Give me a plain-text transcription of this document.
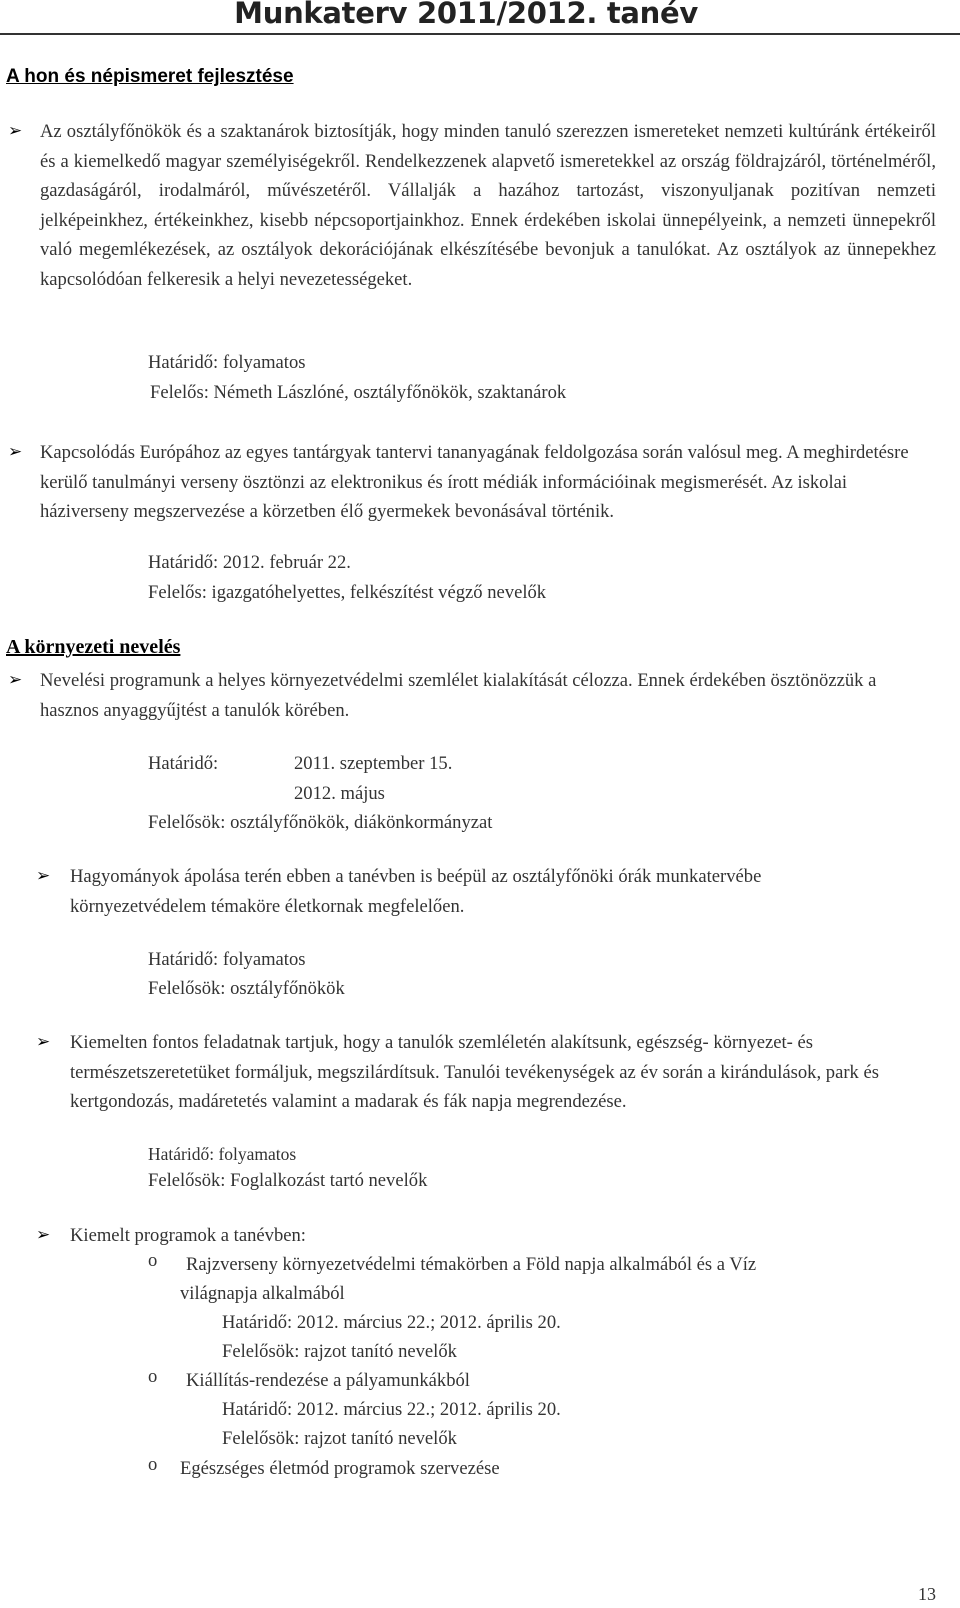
Munkaterv 2011/2012. tanév
A hon és népismeret fejlesztése
➢ Az osztályfőnökök és a szaktanárok biztosítják, hogy minden tanuló szerezzen ismereteket nemzeti kultúránk értékeiről és a kiemelkedő magyar személyiségekről. Rendelkezzenek alapvető ismeretekkel az ország földrajzáról, történelméről, gazdaságáról, irodalmáról, művészetéről. Vállalják a hazához tartozást, viszonyuljanak pozitívan nemzeti jelképeinkhez, értékeinkhez, kisebb népcsoportjainkhoz. Ennek érdekében iskolai ünnepélyeink, a nemzeti ünnepekről való megemlékezések, az osztályok dekorációjának elkészítésébe bevonjuk a tanulókat. Az osztályok az ünnepekhez kapcsolódóan felkeresik a helyi nevezetességeket.

Határidő: folyamatos

Felelős: Németh Lászlóné, osztályfőnökök, szaktanárok

➢ Kapcsolódás Európához az egyes tantárgyak tantervi tananyagának feldolgozása során valósul meg. A meghirdetésre kerülő tanulmányi verseny ösztönzi az elektronikus és írott médiák információinak megismerését. Az iskolai háziverseny megszervezése a körzetben élő gyermekek bevonásával történik.

Határidő: 2012. február 22.

Felelős: igazgatóhelyettes, felkészítést végző nevelők

A környezeti nevelés
➢ Nevelési programunk a helyes környezetvédelmi szemlélet kialakítását célozza. Ennek érdekében ösztönözzük a hasznos anyaggyűjtést a tanulók körében.

Határidő:	2011. szeptember 15.

2012. május

Felelősök: osztályfőnökök, diákönkormányzat

➢ Hagyományok ápolása terén ebben a tanévben is beépül az osztályfőnöki órák munkatervébe környezetvédelem témaköre életkornak megfelelően.

Határidő: folyamatos

Felelősök: osztályfőnökök

➢ Kiemelten fontos feladatnak tartjuk, hogy a tanulók szemléletén alakítsunk, egészség- környezet- és természetszeretetüket formáljuk, megszilárdítsuk. Tanulói tevékenységek az év során a kirándulások, park és kertgondozás, madáretetés valamint a madarak és fák napja megrendezése.

Határidő: folyamatos

Felelősök: Foglalkozást tartó nevelők

➢ Kiemelt programok a tanévben:

o Rajzverseny környezetvédelmi témakörben a Föld napja alkalmából és a Víz

világnapja alkalmából

Határidő: 2012. március 22.; 2012. április 20.

Felelősök: rajzot tanító nevelők

o Kiállítás-rendezése a pályamunkákból

Határidő: 2012. március 22.; 2012. április 20.

Felelősök: rajzot tanító nevelők

o Egészséges életmód programok szervezése

13
